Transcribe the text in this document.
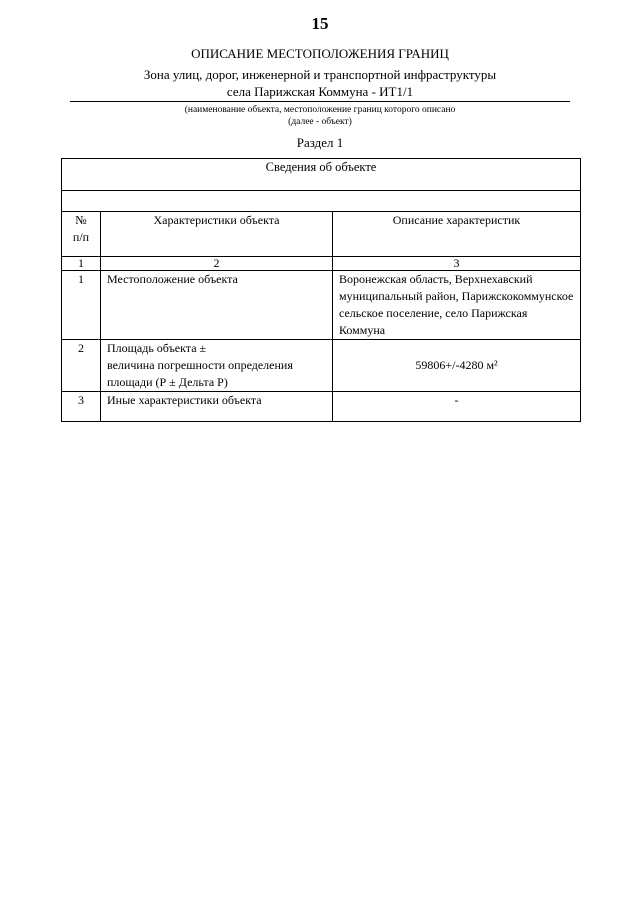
15
ОПИСАНИЕ МЕСТОПОЛОЖЕНИЯ ГРАНИЦ
Зона улиц, дорог, инженерной и транспортной инфраструктуры
села Парижская Коммуна - ИТ1/1
(наименование объекта, местоположение границ которого описано
(далее - объект)
Раздел 1
Сведения об объекте		

№
п/п	Характеристики объекта	Описание характеристик
1	2	3
1	Местоположение объекта	Воронежская область, Верхнехавский муниципальный район, Парижскокоммунское сельское поселение, село Парижская Коммуна
2	Площадь объекта ±
величина погрешности определения
площади (Р ± Дельта Р)	59806+/-4280 м²
3	Иные характеристики объекта	-
